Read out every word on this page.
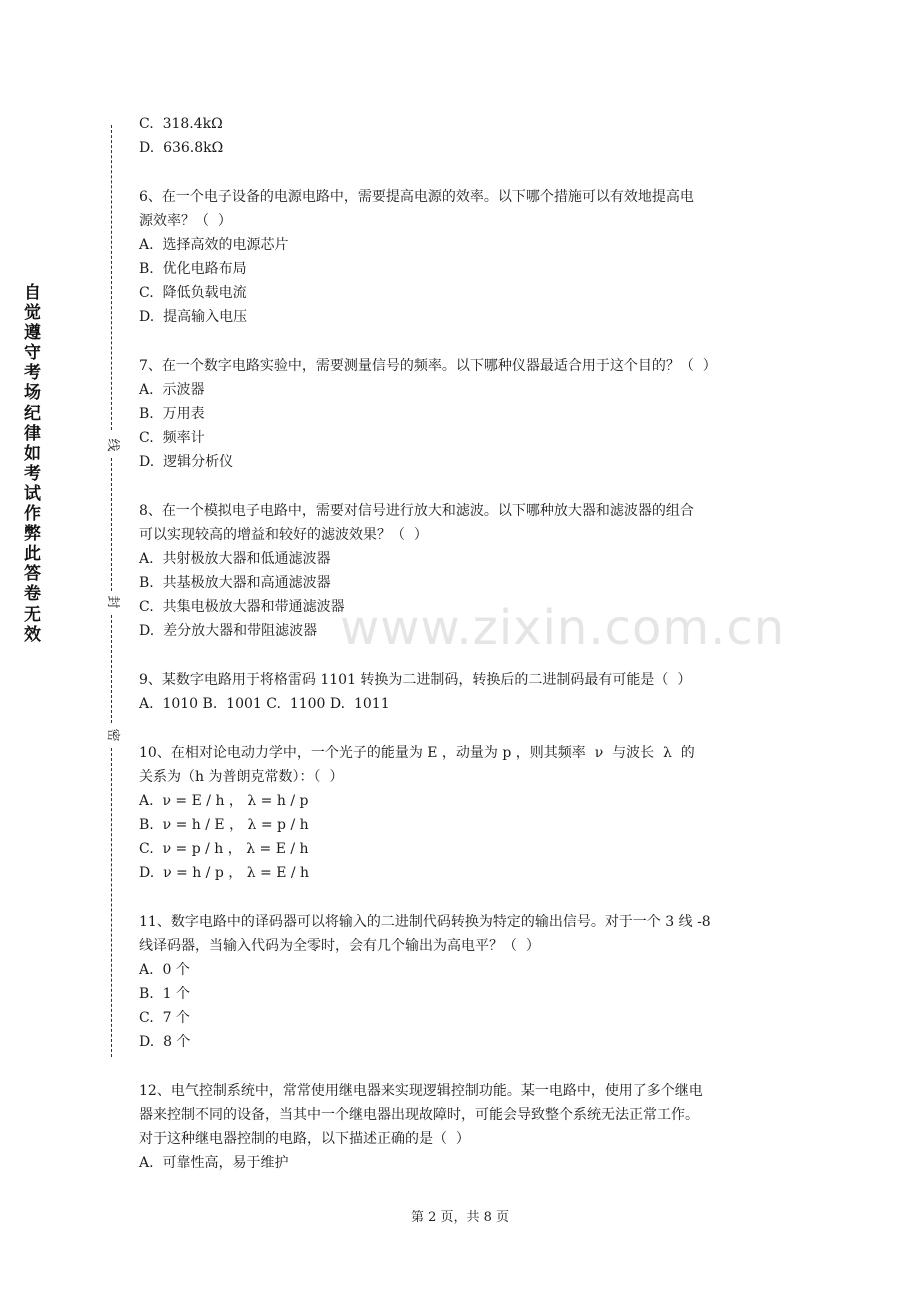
自觉遵守考场纪律如考试作弊此答卷无效
线
封
密
C.  318.4kΩ
D.  636.8kΩ
6、在一个电子设备的电源电路中，需要提高电源的效率。以下哪个措施可以有效地提高电
源效率？（  ）
A.  选择高效的电源芯片
B.  优化电路布局
C.  降低负载电流
D.  提高输入电压
7、在一个数字电路实验中，需要测量信号的频率。以下哪种仪器最适合用于这个目的？（  ）
A.  示波器
B.  万用表
C.  频率计
D.  逻辑分析仪
8、在一个模拟电子电路中，需要对信号进行放大和滤波。以下哪种放大器和滤波器的组合
可以实现较高的增益和较好的滤波效果？（  ）
A.  共射极放大器和低通滤波器
B.  共基极放大器和高通滤波器
C.  共集电极放大器和带通滤波器
D.  差分放大器和带阻滤波器
9、某数字电路用于将格雷码 1101 转换为二进制码，转换后的二进制码最有可能是（  ）
A.  1010 B.  1001 C.  1100 D.  1011
10、在相对论电动力学中，一个光子的能量为 E ，动量为 p ，则其频率  ν  与波长  λ  的
关系为（h 为普朗克常数）：（  ）
A.  ν = E / h ， λ = h / p
B.  ν = h / E ， λ = p / h
C.  ν = p / h ， λ = E / h
D.  ν = h / p ， λ = E / h
11、数字电路中的译码器可以将输入的二进制代码转换为特定的输出信号。对于一个 3 线 -8
线译码器，当输入代码为全零时，会有几个输出为高电平？（  ）
A.  0 个
B.  1 个
C.  7 个
D.  8 个
12、电气控制系统中，常常使用继电器来实现逻辑控制功能。某一电路中，使用了多个继电
器来控制不同的设备，当其中一个继电器出现故障时，可能会导致整个系统无法正常工作。
对于这种继电器控制的电路，以下描述正确的是（  ）
A.  可靠性高，易于维护
www.zixin.com.cn
第 2 页，共 8 页
